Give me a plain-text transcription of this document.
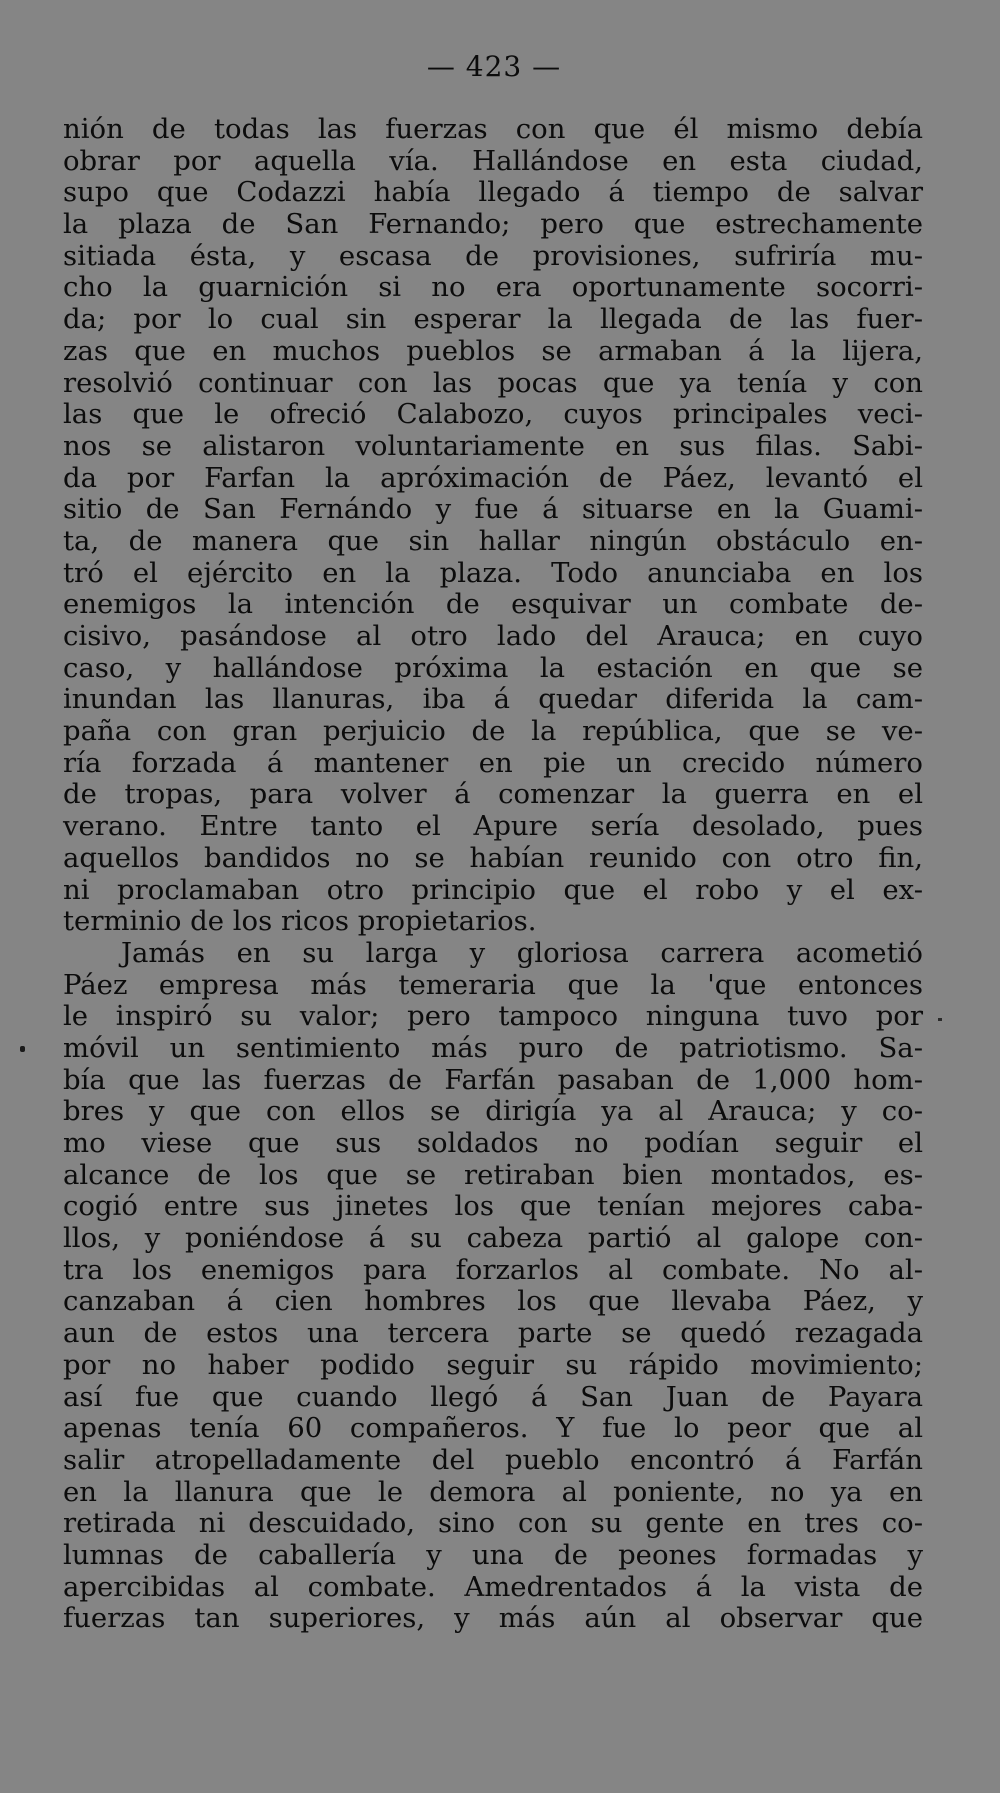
— 423 —
nión de todas las fuerzas con que él mismo debía
obrar por aquella vía. Hallándose en esta ciudad,
supo que Codazzi había llegado á tiempo de salvar
la plaza de San Fernando; pero que estrechamente
sitiada ésta, y escasa de provisiones, sufriría mu-
cho la guarnición si no era oportunamente socorri-
da; por lo cual sin esperar la llegada de las fuer-
zas que en muchos pueblos se armaban á la lijera,
resolvió continuar con las pocas que ya tenía y con
las que le ofreció Calabozo, cuyos principales veci-
nos se alistaron voluntariamente en sus filas. Sabi-
da por Farfan la apróximación de Páez, levantó el
sitio de San Fernándo y fue á situarse en la Guami-
ta, de manera que sin hallar ningún obstáculo en-
tró el ejército en la plaza. Todo anunciaba en los
enemigos la intención de esquivar un combate de-
cisivo, pasándose al otro lado del Arauca; en cuyo
caso, y hallándose próxima la estación en que se
inundan las llanuras, iba á quedar diferida la cam-
paña con gran perjuicio de la república, que se ve-
ría forzada á mantener en pie un crecido número
de tropas, para volver á comenzar la guerra en el
verano. Entre tanto el Apure sería desolado, pues
aquellos bandidos no se habían reunido con otro fin,
ni proclamaban otro principio que el robo y el ex-
terminio de los ricos propietarios.
Jamás en su larga y gloriosa carrera acometió
Páez empresa más temeraria que la 'que entonces
le inspiró su valor; pero tampoco ninguna tuvo por
móvil un sentimiento más puro de patriotismo. Sa-
bía que las fuerzas de Farfán pasaban de 1,000 hom-
bres y que con ellos se dirigía ya al Arauca; y co-
mo viese que sus soldados no podían seguir el
alcance de los que se retiraban bien montados, es-
cogió entre sus jinetes los que tenían mejores caba-
llos, y poniéndose á su cabeza partió al galope con-
tra los enemigos para forzarlos al combate. No al-
canzaban á cien hombres los que llevaba Páez, y
aun de estos una tercera parte se quedó rezagada
por no haber podido seguir su rápido movimiento;
así fue que cuando llegó á San Juan de Payara
apenas tenía 60 compañeros. Y fue lo peor que al
salir atropelladamente del pueblo encontró á Farfán
en la llanura que le demora al poniente, no ya en
retirada ni descuidado, sino con su gente en tres co-
lumnas de caballería y una de peones formadas y
apercibidas al combate. Amedrentados á la vista de
fuerzas tan superiores, y más aún al observar que
